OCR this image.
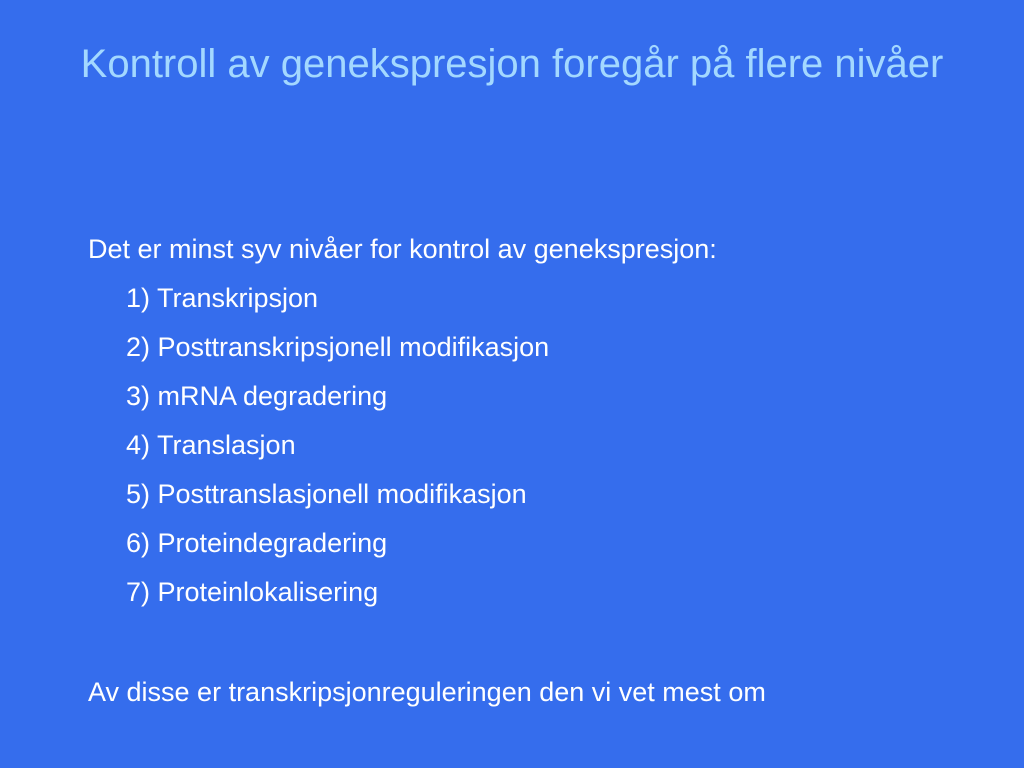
Kontroll av genekspresjon foregår på flere nivåer
Det er minst syv nivåer for kontrol av genekspresjon:
1) Transkripsjon
2) Posttranskripsjonell modifikasjon
3) mRNA degradering
4) Translasjon
5) Posttranslasjonell modifikasjon
6) Proteindegradering
7) Proteinlokalisering
Av disse er transkripsjonreguleringen den vi vet mest om
